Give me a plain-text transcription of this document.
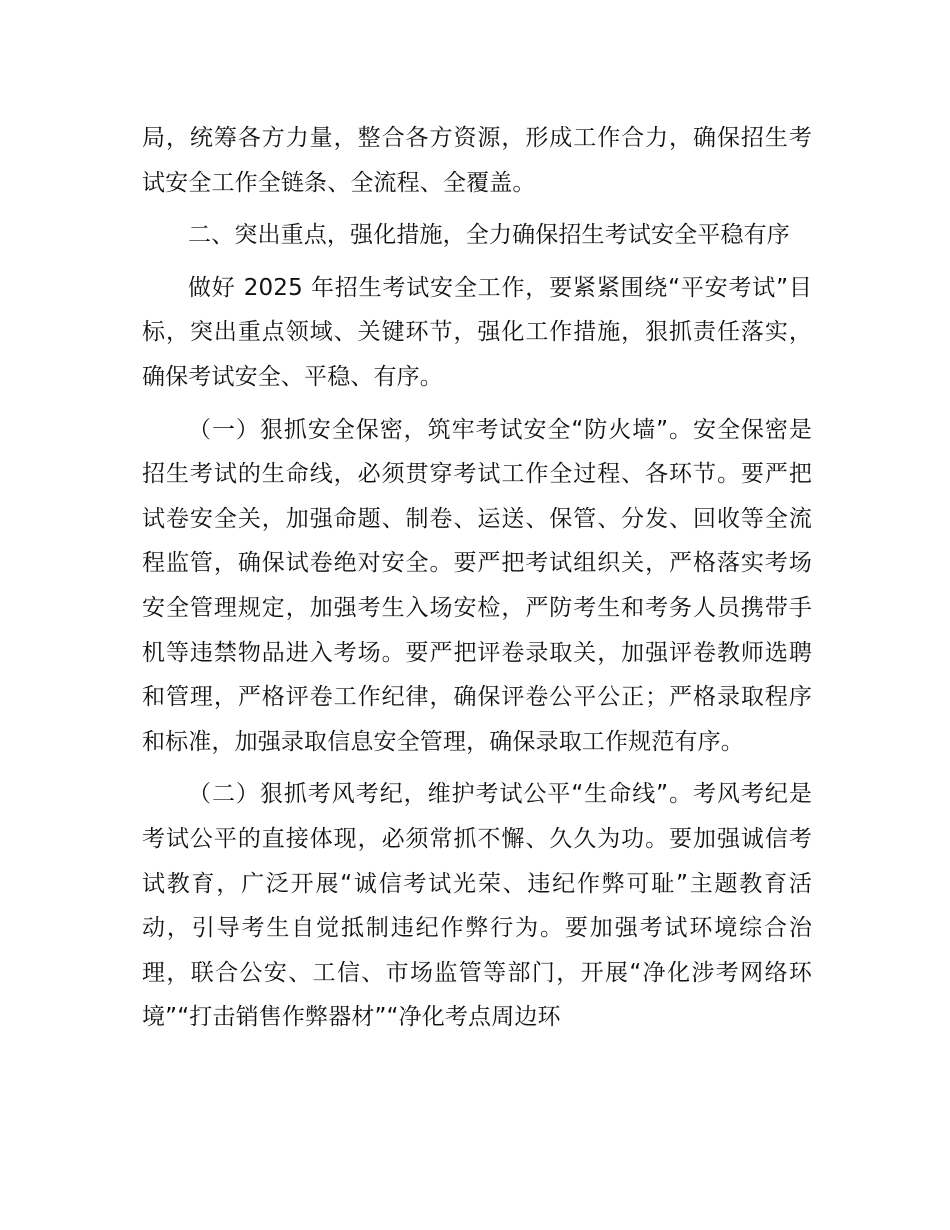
局，统筹各方力量，整合各方资源，形成工作合力，确保招生考试安全工作全链条、全流程、全覆盖。

二、突出重点，强化措施，全力确保招生考试安全平稳有序

做好 2025 年招生考试安全工作，要紧紧围绕“平安考试”目标，突出重点领域、关键环节，强化工作措施，狠抓责任落实，确保考试安全、平稳、有序。

（一）狠抓安全保密，筑牢考试安全“防火墙”。安全保密是招生考试的生命线，必须贯穿考试工作全过程、各环节。要严把试卷安全关，加强命题、制卷、运送、保管、分发、回收等全流程监管，确保试卷绝对安全。要严把考试组织关，严格落实考场安全管理规定，加强考生入场安检，严防考生和考务人员携带手机等违禁物品进入考场。要严把评卷录取关，加强评卷教师选聘和管理，严格评卷工作纪律，确保评卷公平公正；严格录取程序和标准，加强录取信息安全管理，确保录取工作规范有序。

（二）狠抓考风考纪，维护考试公平“生命线”。考风考纪是考试公平的直接体现，必须常抓不懈、久久为功。要加强诚信考试教育，广泛开展“诚信考试光荣、违纪作弊可耻”主题教育活动，引导考生自觉抵制违纪作弊行为。要加强考试环境综合治理，联合公安、工信、市场监管等部门，开展“净化涉考网络环境”“打击销售作弊器材”“净化考点周边环
